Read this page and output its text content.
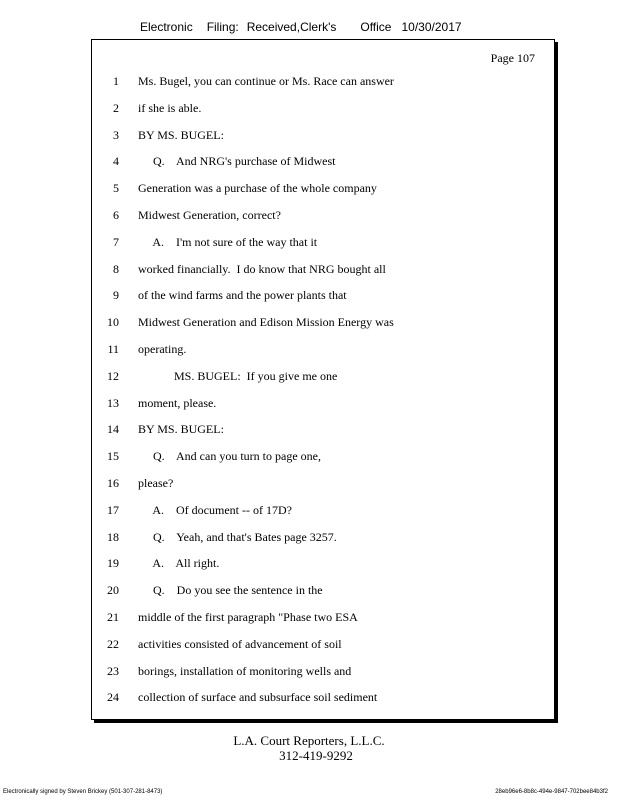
Electronic Filing: Received,Clerk's Office 10/30/2017
Page 107
1 Ms. Bugel, you can continue or Ms. Race can answer
2 if she is able.
3 BY MS. BUGEL:
4 Q.    And NRG's purchase of Midwest
5 Generation was a purchase of the whole company
6 Midwest Generation, correct?
7 A.    I'm not sure of the way that it
8 worked financially.  I do know that NRG bought all
9 of the wind farms and the power plants that
10 Midwest Generation and Edison Mission Energy was
11 operating.
12 MS. BUGEL:  If you give me one
13 moment, please.
14 BY MS. BUGEL:
15 Q.    And can you turn to page one,
16 please?
17 A.    Of document -- of 17D?
18 Q.    Yeah, and that's Bates page 3257.
19 A.    All right.
20 Q.    Do you see the sentence in the
21 middle of the first paragraph "Phase two ESA
22 activities consisted of advancement of soil
23 borings, installation of monitoring wells and
24 collection of surface and subsurface soil sediment
L.A. Court Reporters, L.L.C.
312-419-9292
Electronically signed by Steven Brickey (501-307-281-8473)	28eb96e6-8b8c-494e-9847-702bee84b3f2
